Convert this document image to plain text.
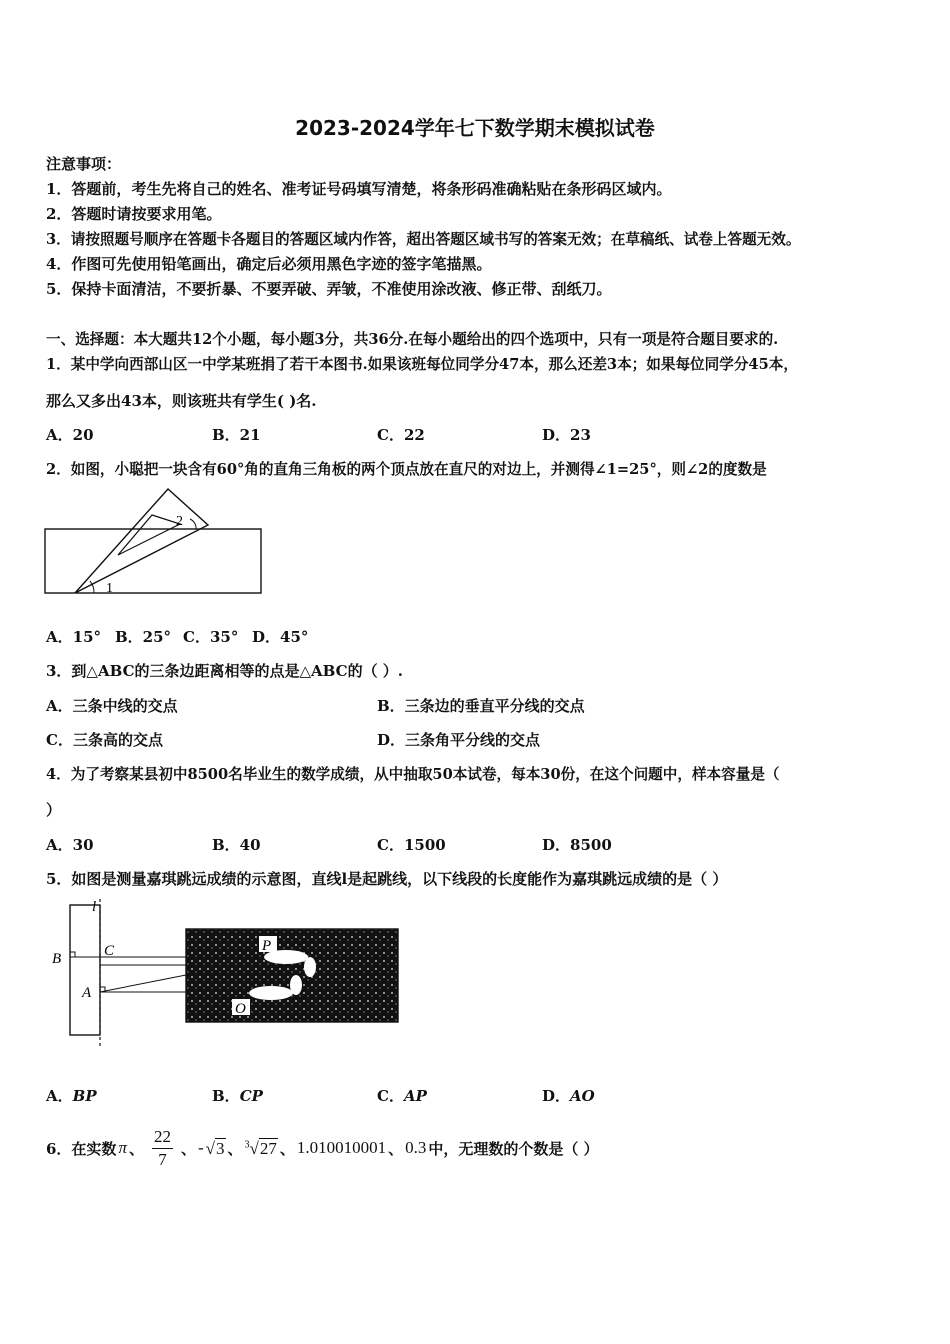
2023-2024学年七下数学期末模拟试卷
注意事项：
1．答题前，考生先将自己的姓名、准考证号码填写清楚，将条形码准确粘贴在条形码区域内。
2．答题时请按要求用笔。
3．请按照题号顺序在答题卡各题目的答题区域内作答，超出答题区域书写的答案无效；在草稿纸、试卷上答题无效。
4．作图可先使用铅笔画出，确定后必须用黑色字迹的签字笔描黑。
5．保持卡面清洁，不要折暴、不要弄破、弄皱，不准使用涂改液、修正带、刮纸刀。
一、选择题：本大题共12个小题，每小题3分，共36分.在每小题给出的四个选项中，只有一项是符合题目要求的.
1．某中学向西部山区一中学某班捐了若干本图书.如果该班每位同学分47本，那么还差3本；如果每位同学分45本，
那么又多出43本，则该班共有学生( )名.
A．20	B．21	C．22	D．23
2．如图，小聪把一块含有60°角的直角三角板的两个顶点放在直尺的对边上，并测得∠1=25°，则∠2的度数是
2
1
A．15° B．25° C．35° D．45°
3．到△ABC的三条边距离相等的点是△ABC的（ ）.
A．三条中线的交点	B．三条边的垂直平分线的交点
C．三条高的交点	D．三条角平分线的交点
4．为了考察某县初中8500名毕业生的数学成绩，从中抽取50本试卷，每本30份，在这个问题中，样本容量是（
）
A．30	B．40	C．1500	D．8500
5．如图是测量嘉琪跳远成绩的示意图，直线l是起跳线，以下线段的长度能作为嘉琪跳远成绩的是（ ）
l
B	C
A
P
O
A．BP	B．CP	C．AP	D．AO
6．在实数 π 、 $\frac{22}{7}$ 、 - √3 、 $^3$√27 、 1.010010001 、 0.3 中，无理数的个数是（ ）
